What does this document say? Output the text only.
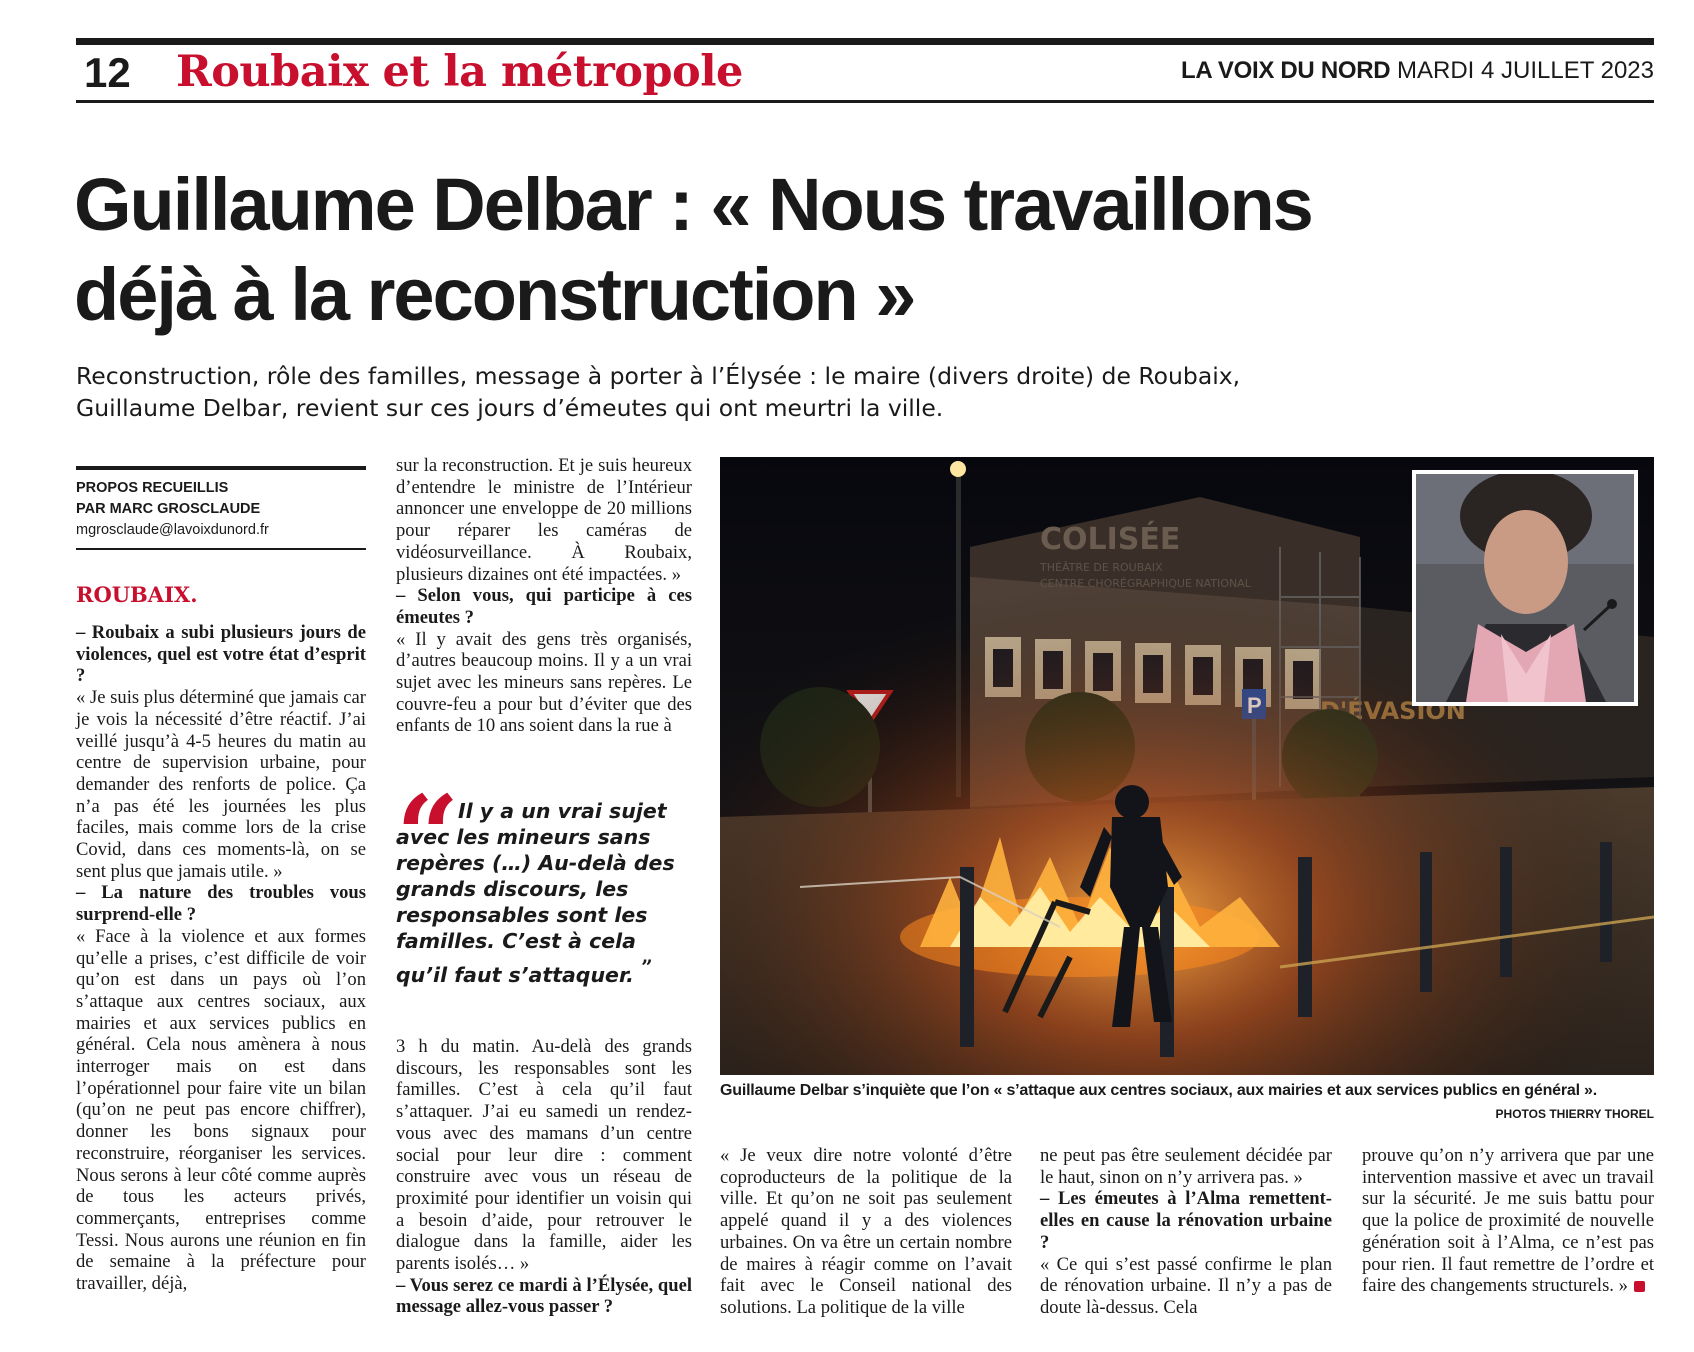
12 Roubaix et la métropole	LA VOIX DU NORD MARDI 4 JUILLET 2023
Guillaume Delbar : « Nous travaillons
déjà à la reconstruction »

Reconstruction, rôle des familles, message à porter à l’Élysée : le maire (divers droite) de Roubaix, Guillaume Delbar, revient sur ces jours d’émeutes qui ont meurtri la ville.

PROPOS RECUEILLIS
PAR MARC GROSCLAUDE
mgrosclaude@lavoixdunord.fr
ROUBAIX.

– Roubaix a subi plusieurs jours de violences, quel est votre état d’esprit ?

« Je suis plus déterminé que jamais car je vois la nécessité d’être réactif. J’ai veillé jusqu’à 4-5 heures du matin au centre de supervision urbaine, pour demander des renforts de police. Ça n’a pas été les journées les plus faciles, mais comme lors de la crise Covid, dans ces moments-là, on se sent plus que jamais utile. »

– La nature des troubles vous surprend-elle ?

« Face à la violence et aux formes qu’elle a prises, c’est difficile de voir qu’on est dans un pays où l’on s’attaque aux centres sociaux, aux mairies et aux services publics en général. Cela nous amènera à nous interroger mais on est dans l’opérationnel pour faire vite un bilan (qu’on ne peut pas encore chiffrer), donner les bons signaux pour reconstruire, réorganiser les services. Nous serons à leur côté comme auprès de tous les acteurs privés, commerçants, entreprises comme Tessi. Nous aurons une réunion en fin de semaine à la préfecture pour travailler, déjà,

sur la reconstruction. Et je suis heureux d’entendre le ministre de l’Intérieur annoncer une enveloppe de 20 millions pour réparer les caméras de vidéosurveillance. À Roubaix, plusieurs dizaines ont été impactées. »

– Selon vous, qui participe à ces émeutes ?

« Il y avait des gens très organisés, d’autres beaucoup moins. Il y a un vrai sujet avec les mineurs sans repères. Le couvre-feu a pour but d’éviter que des enfants de 10 ans soient dans la rue à

“
Il y a un vrai sujet avec les mineurs sans repères (…) Au-delà des grands discours, les responsables sont les familles. C’est à cela qu’il faut s’attaquer. ”

3 h du matin. Au-delà des grands discours, les responsables sont les familles. C’est à cela qu’il faut s’attaquer. J’ai eu samedi un rendez-vous avec des mamans d’un centre social pour leur dire : comment construire avec vous un réseau de proximité pour identifier un voisin qui a besoin d’aide, pour retrouver le dialogue dans la famille, aider les parents isolés… »

– Vous serez ce mardi à l’Élysée, quel message allez-vous passer ?

Guillaume Delbar s’inquiète que l’on « s’attaque aux centres sociaux, aux mairies et aux services publics en général ».
PHOTOS THIERRY THOREL

« Je veux dire notre volonté d’être coproducteurs de la politique de la ville. Et qu’on ne soit pas seulement appelé quand il y a des violences urbaines. On va être un certain nombre de maires à réagir comme on l’avait fait avec le Conseil national des solutions. La politique de la ville

ne peut pas être seulement décidée par le haut, sinon on n’y arrivera pas. »

– Les émeutes à l’Alma remettent-elles en cause la rénovation urbaine ?

« Ce qui s’est passé confirme le plan de rénovation urbaine. Il n’y a pas de doute là-dessus. Cela

prouve qu’on n’y arrivera que par une intervention massive et avec un travail sur la sécurité. Je me suis battu pour que la police de proximité de nouvelle génération soit à l’Alma, ce n’est pas pour rien. Il faut remettre de l’ordre et faire des changements structurels. »
